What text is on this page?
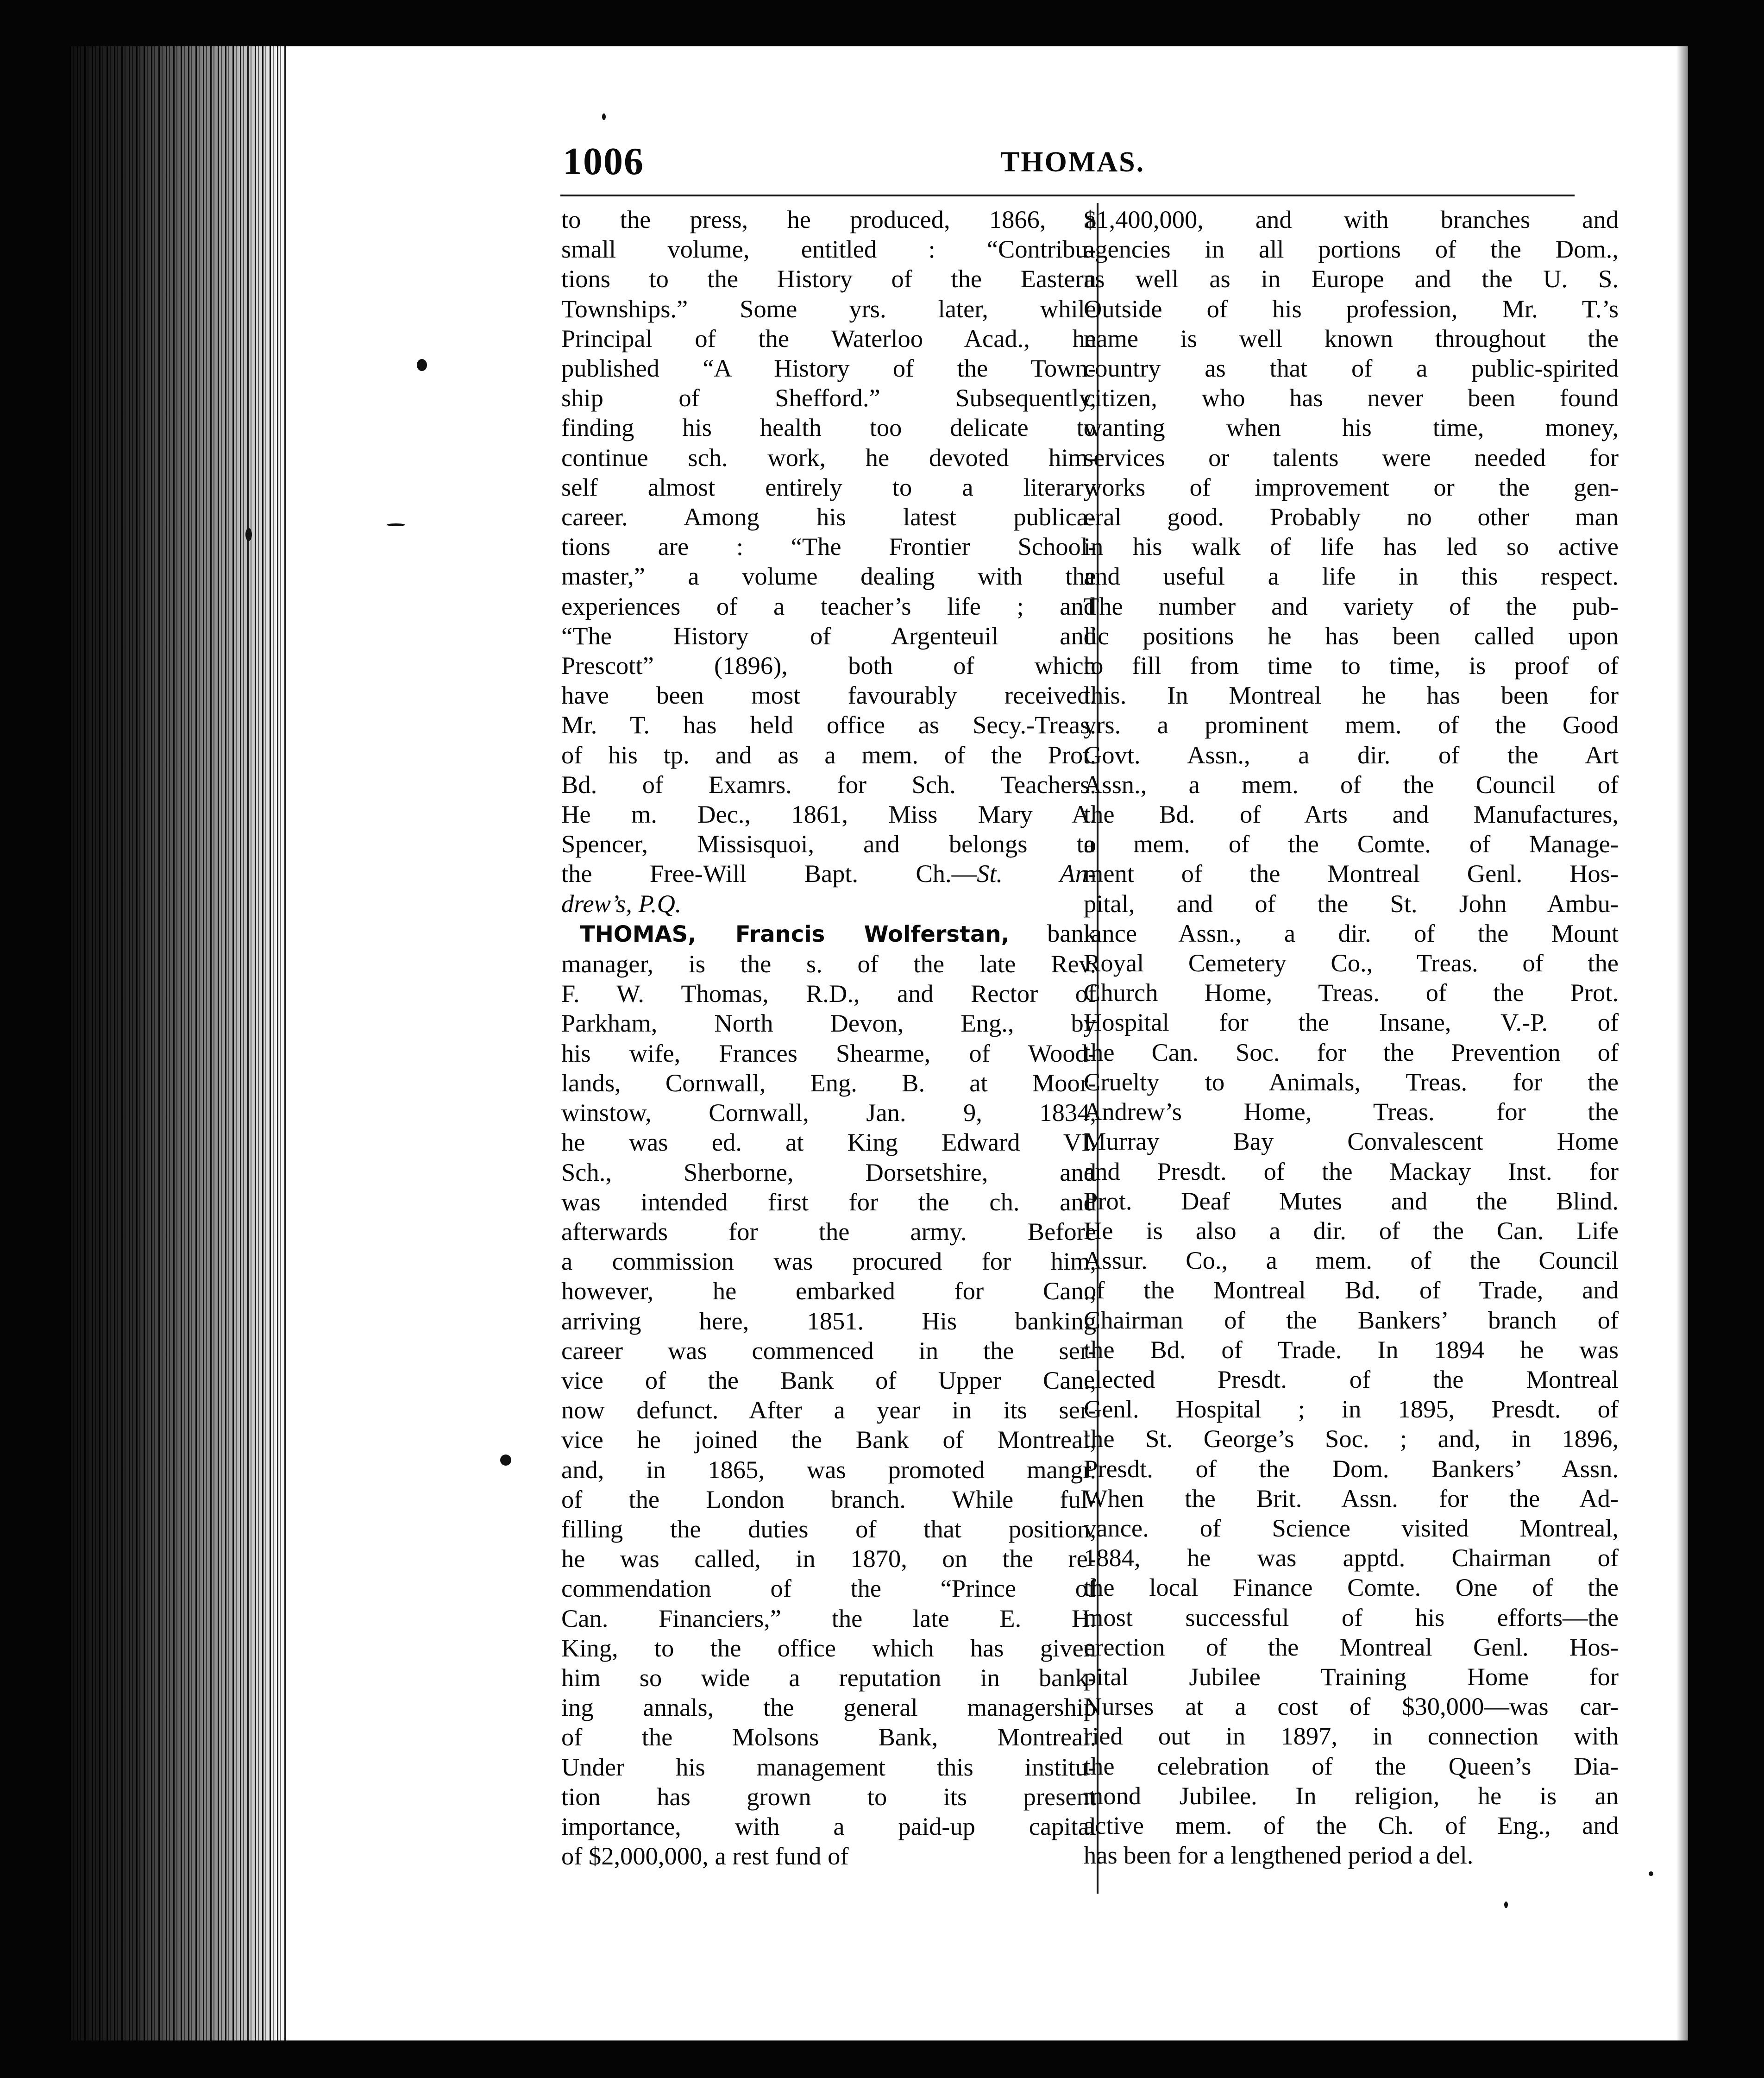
1006	THOMAS.
to the press, he produced, 1866, a
small volume, entitled : “Contribu-
tions to the History of the Eastern
Townships.” Some yrs. later, while
Principal of the Waterloo Acad., he
published “A History of the Town-
ship of Shefford.” Subsequently,
finding his health too delicate to
continue sch. work, he devoted him-
self almost entirely to a literary
career. Among his latest publica-
tions are : “The Frontier School-
master,” a volume dealing with the
experiences of a teacher’s life ; and
“The History of Argenteuil and
Prescott” (1896), both of which
have been most favourably received.
Mr. T. has held office as Secy.-Treas.
of his tp. and as a mem. of the Prot.
Bd. of Examrs. for Sch. Teachers.
He m. Dec., 1861, Miss Mary A.
Spencer, Missisquoi, and belongs to
the Free-Will Bapt. Ch.—St. An-
drew’s, P.Q.
THOMAS, Francis Wolferstan, bank
manager, is the s. of the late Rev.
F. W. Thomas, R.D., and Rector of
Parkham, North Devon, Eng., by
his wife, Frances Shearme, of Wood-
lands, Cornwall, Eng. B. at Moor-
winstow, Cornwall, Jan. 9, 1834,
he was ed. at King Edward VI.
Sch., Sherborne, Dorsetshire, and
was intended first for the ch. and
afterwards for the army. Before
a commission was procured for him,
however, he embarked for Can.,
arriving here, 1851. His banking
career was commenced in the ser-
vice of the Bank of Upper Can.,
now defunct. After a year in its ser-
vice he joined the Bank of Montreal,
and, in 1865, was promoted mangr.
of the London branch. While ful-
filling the duties of that position,
he was called, in 1870, on the re-
commendation of the “Prince of
Can. Financiers,” the late E. H.
King, to the office which has given
him so wide a reputation in bank-
ing annals, the general managership
of the Molsons Bank, Montreal.
Under his management this institu-
tion has grown to its present
importance, with a paid-up capital
of $2,000,000, a rest fund of
$1,400,000, and with branches and
agencies in all portions of the Dom.,
as well as in Europe and the U. S.
Outside of his profession, Mr. T.’s
name is well known throughout the
country as that of a public-spirited
citizen, who has never been found
wanting when his time, money,
services or talents were needed for
works of improvement or the gen-
eral good. Probably no other man
in his walk of life has led so active
and useful a life in this respect.
The number and variety of the pub-
lic positions he has been called upon
to fill from time to time, is proof of
this. In Montreal he has been for
yrs. a prominent mem. of the Good
Govt. Assn., a dir. of the Art
Assn., a mem. of the Council of
the Bd. of Arts and Manufactures,
a mem. of the Comte. of Manage-
ment of the Montreal Genl. Hos-
pital, and of the St. John Ambu-
lance Assn., a dir. of the Mount
Royal Cemetery Co., Treas. of the
Church Home, Treas. of the Prot.
Hospital for the Insane, V.-P. of
the Can. Soc. for the Prevention of
Cruelty to Animals, Treas. for the
Andrew’s Home, Treas. for the
Murray Bay Convalescent Home
and Presdt. of the Mackay Inst. for
Prot. Deaf Mutes and the Blind.
He is also a dir. of the Can. Life
Assur. Co., a mem. of the Council
of the Montreal Bd. of Trade, and
Chairman of the Bankers’ branch of
the Bd. of Trade. In 1894 he was
elected Presdt. of the Montreal
Genl. Hospital ; in 1895, Presdt. of
the St. George’s Soc. ; and, in 1896,
Presdt. of the Dom. Bankers’ Assn.
When the Brit. Assn. for the Ad-
vance. of Science visited Montreal,
1884, he was apptd. Chairman of
the local Finance Comte. One of the
most successful of his efforts—the
erection of the Montreal Genl. Hos-
pital Jubilee Training Home for
Nurses at a cost of $30,000—was car-
ried out in 1897, in connection with
the celebration of the Queen’s Dia-
mond Jubilee. In religion, he is an
active mem. of the Ch. of Eng., and
has been for a lengthened period a del.
